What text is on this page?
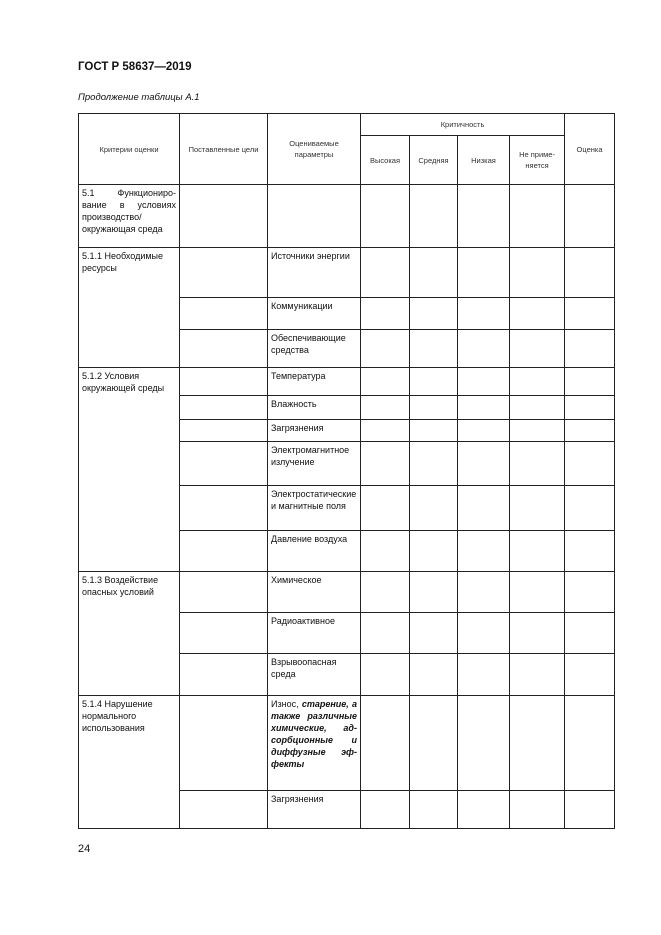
ГОСТ Р 58637—2019
Продолжение таблицы А.1
Критерии оценки	Поставленные цели	Оцениваемые параметры	Критичность				Оценка
			Высокая	Средняя	Низкая	Не применяется	
5.1 Функционирование в условиях производство/ окружающая среда							
5.1.1 Необходимые ресурсы		Источники энергии					
		Коммуникации					
		Обеспечивающие средства					
5.1.2 Условия окружающей среды		Температура					
		Влажность					
		Загрязнения					
		Электромагнитное излучение					
		Электростатические и магнитные поля					
		Давление воздуха					
5.1.3 Воздействие опасных условий		Химическое					
		Радиоактивное					
		Взрывоопасная среда					
5.1.4 Нарушение нормального использования		Износ, старение, а также различные химические, адсорбционные и диффузные эффекты					
		Загрязнения					
24
